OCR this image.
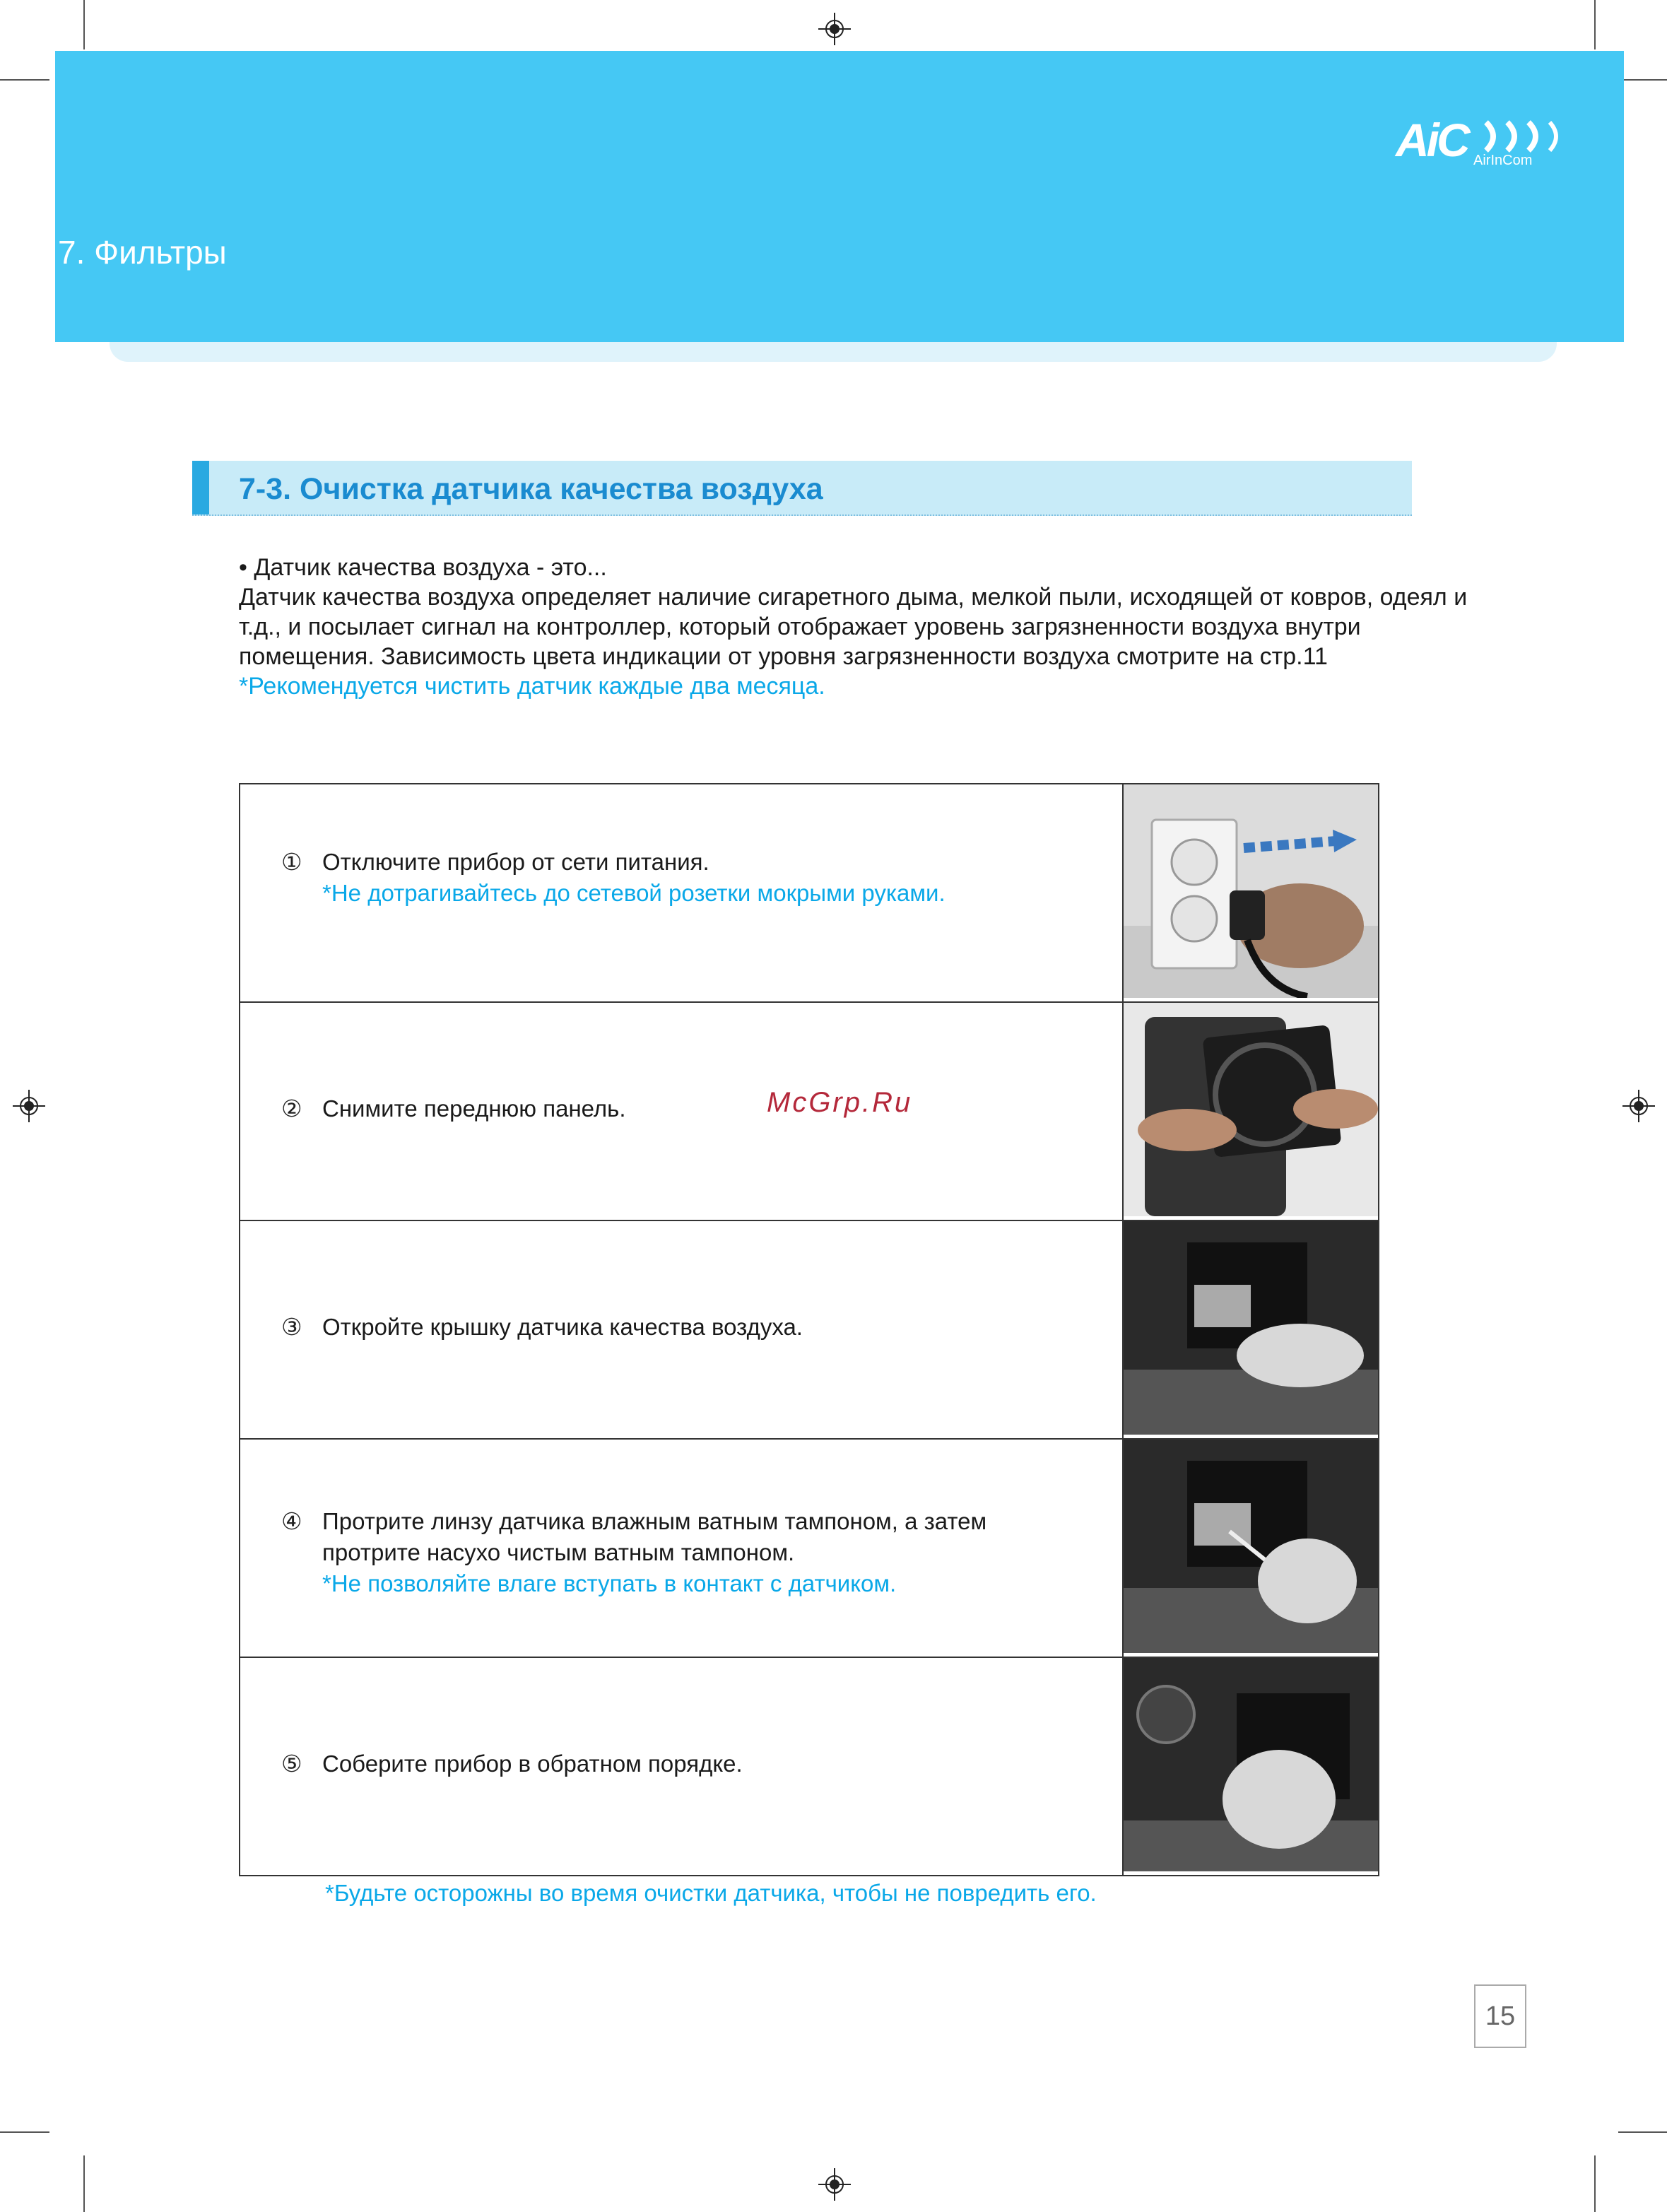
7. Фильтры
AiC AirInCom
7-3. Очистка датчика качества воздуха

• Датчик качества воздуха - это...

Датчик качества воздуха определяет наличие сигаретного дыма, мелкой пыли, исходящей от ковров, одеял и т.д., и посылает сигнал на контроллер, который отображает уровень загрязненности воздуха внутри помещения. Зависимость цвета индикации от уровня загрязненности воздуха смотрите на стр.11

*Рекомендуется чистить датчик каждые два месяца.

① Отключите прибор от сети питания.
*Не дотрагивайтесь до сетевой розетки мокрыми руками.

② Снимите переднюю панель.

③ Откройте крышку датчика качества воздуха.

④ Протрите линзу датчика влажным ватным тампоном, а затем протрите насухо чистым ватным тампоном.
*Не позволяйте влаге вступать в контакт с датчиком.

⑤ Соберите прибор в обратном порядке.

McGrp.Ru
*Будьте осторожны во время очистки датчика, чтобы не повредить его.
15
